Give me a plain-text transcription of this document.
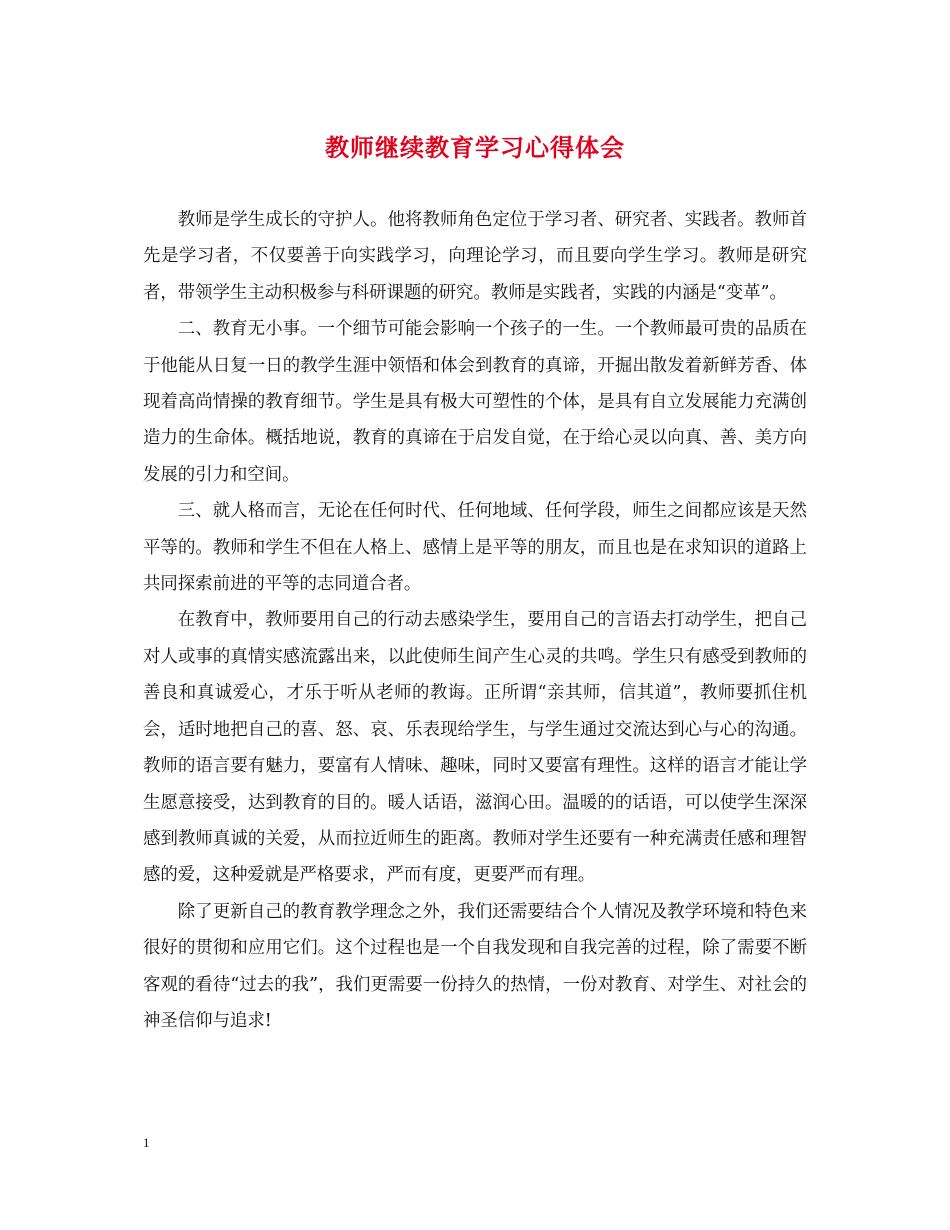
教师继续教育学习心得体会

教师是学生成长的守护人。他将教师角色定位于学习者、研究者、实践者。教师首先是学习者，不仅要善于向实践学习，向理论学习，而且要向学生学习。教师是研究者，带领学生主动积极参与科研课题的研究。教师是实践者，实践的内涵是“变革”。

二、教育无小事。一个细节可能会影响一个孩子的一生。一个教师最可贵的品质在于他能从日复一日的教学生涯中领悟和体会到教育的真谛，开掘出散发着新鲜芳香、体现着高尚情操的教育细节。学生是具有极大可塑性的个体，是具有自立发展能力充满创造力的生命体。概括地说，教育的真谛在于启发自觉，在于给心灵以向真、善、美方向发展的引力和空间。

三、就人格而言，无论在任何时代、任何地域、任何学段，师生之间都应该是天然平等的。教师和学生不但在人格上、感情上是平等的朋友，而且也是在求知识的道路上共同探索前进的平等的志同道合者。

在教育中，教师要用自己的行动去感染学生，要用自己的言语去打动学生，把自己对人或事的真情实感流露出来，以此使师生间产生心灵的共鸣。学生只有感受到教师的善良和真诚爱心，才乐于听从老师的教诲。正所谓“亲其师，信其道”，教师要抓住机会，适时地把自己的喜、怒、哀、乐表现给学生，与学生通过交流达到心与心的沟通。教师的语言要有魅力，要富有人情味、趣味，同时又要富有理性。这样的语言才能让学生愿意接受，达到教育的目的。暖人话语，滋润心田。温暖的的话语，可以使学生深深感到教师真诚的关爱，从而拉近师生的距离。教师对学生还要有一种充满责任感和理智感的爱，这种爱就是严格要求，严而有度，更要严而有理。

除了更新自己的教育教学理念之外，我们还需要结合个人情况及教学环境和特色来很好的贯彻和应用它们。这个过程也是一个自我发现和自我完善的过程，除了需要不断客观的看待“过去的我”，我们更需要一份持久的热情，一份对教育、对学生、对社会的神圣信仰与追求!

1
